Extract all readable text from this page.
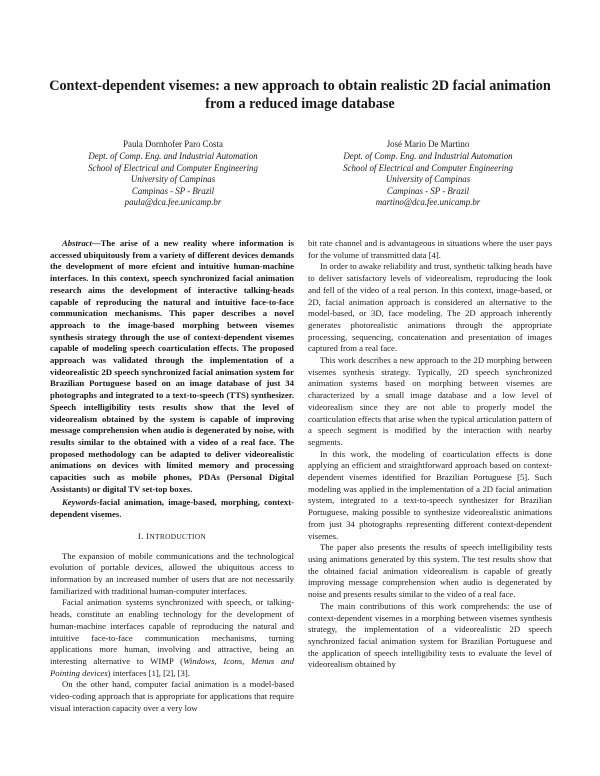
Context-dependent visemes: a new approach to obtain realistic 2D facial animation
from a reduced image database
Paula Dornhofer Paro Costa
Dept. of Comp. Eng. and Industrial Automation
School of Electrical and Computer Engineering
University of Campinas
Campinas - SP - Brazil
paula@dca.fee.unicamp.br
José Mario De Martino
Dept. of Comp. Eng. and Industrial Automation
School of Electrical and Computer Engineering
University of Campinas
Campinas - SP - Brazil
martino@dca.fee.unicamp.br

Abstract—The arise of a new reality where information is accessed ubiquitously from a variety of different devices demands the development of more efcient and intuitive human-machine interfaces. In this context, speech synchronized facial animation research aims the development of interactive talking-heads capable of reproducing the natural and intuitive face-to-face communication mechanisms. This paper describes a novel approach to the image-based morphing between visemes synthesis strategy through the use of context-dependent visemes capable of modeling speech coarticulation effects. The proposed approach was validated through the implementation of a videorealistic 2D speech synchronized facial animation system for Brazilian Portuguese based on an image database of just 34 photographs and integrated to a text-to-speech (TTS) synthesizer. Speech intelligibility tests results show that the level of videorealism obtained by the system is capable of improving message comprehension when audio is degenerated by noise, with results similar to the obtained with a video of a real face. The proposed methodology can be adapted to deliver videorealistic animations on devices with limited memory and processing capacities such as mobile phones, PDAs (Personal Digital Assistants) or digital TV set-top boxes.

Keywords-facial animation, image-based, morphing, context-dependent visemes.

I. INTRODUCTION

The expansion of mobile communications and the technological evolution of portable devices, allowed the ubiquitous access to information by an increased number of users that are not necessarily familiarized with traditional human-computer interfaces.

Facial animation systems synchronized with speech, or talking-heads, constitute an enabling technology for the development of human-machine interfaces capable of reproducing the natural and intuitive face-to-face communication mechanisms, turning applications more human, involving and attractive, being an interesting alternative to WIMP (Windows, Icons, Menus and Pointing devices) interfaces [1], [2], [3].

On the other hand, computer facial animation is a model-based video-coding approach that is appropriate for applications that require visual interaction capacity over a very low

bit rate channel and is advantageous in situations where the user pays for the volume of transmitted data [4].

In order to awake reliability and trust, synthetic talking heads have to deliver satisfactory levels of videorealism, reproducing the look and fell of the video of a real person. In this context, image-based, or 2D, facial animation approach is considered an alternative to the model-based, or 3D, face modeling. The 2D approach inherently generates photorealistic animations through the appropriate processing, sequencing, concatenation and presentation of images captured from a real face.

This work describes a new approach to the 2D morphing between visemes synthesis strategy. Typically, 2D speech synchronized animation systems based on morphing between visemes are characterized by a small image database and a low level of videorealism since they are not able to properly model the coarticulation effects that arise when the typical articulation pattern of a speech segment is modified by the interaction with nearby segments.

In this work, the modeling of coarticulation effects is done applying an efficient and straightforward approach based on context-dependent visemes identified for Brazilian Portuguese [5]. Such modeling was applied in the implementation of a 2D facial animation system, integrated to a text-to-speech synthesizer for Brazilian Portuguese, making possible to synthesize videorealistic animations from just 34 photographs representing different context-dependent visemes.

The paper also presents the results of speech intelligibility tests using animations generated by this system. The test results show that the obtained facial animation videorealism is capable of greatly improving message comprehension when audio is degenerated by noise and presents results similar to the video of a real face.

The main contributions of this work comprehends: the use of context-dependent visemes in a morphing between visemes synthesis strategy, the implementation of a videorealistic 2D speech synchronized facial animation system for Brazilian Portuguese and the application of speech intelligibility tests to evaluate the level of videorealism obtained by
